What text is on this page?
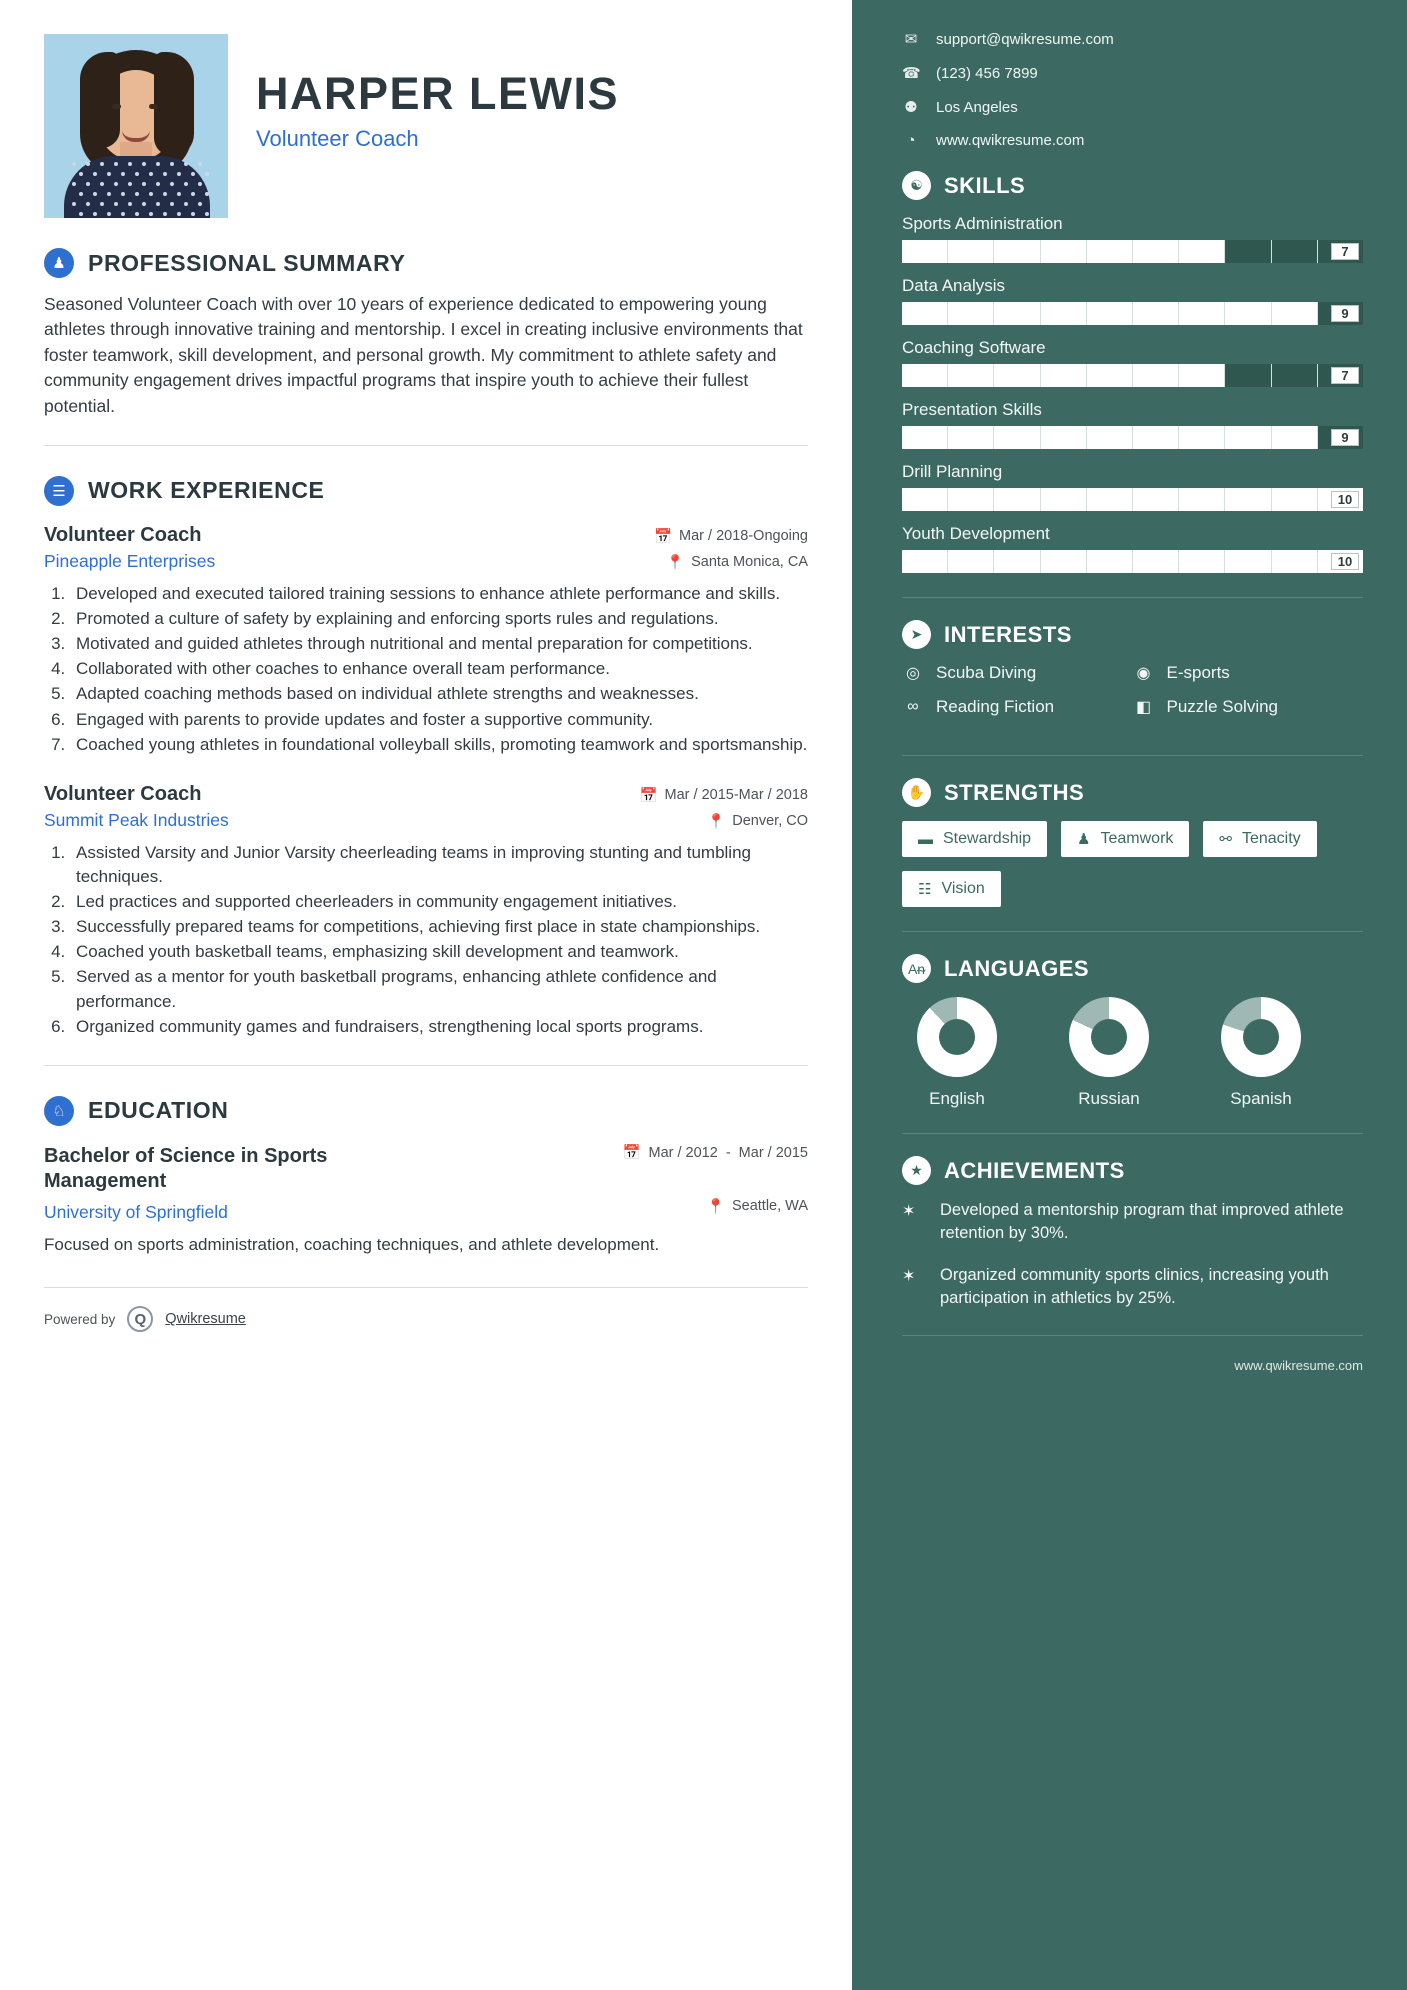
HARPER LEWIS
Volunteer Coach
♟ PROFESSIONAL SUMMARY
Seasoned Volunteer Coach with over 10 years of experience dedicated to empowering young athletes through innovative training and mentorship. I excel in creating inclusive environments that foster teamwork, skill development, and personal growth. My commitment to athlete safety and community engagement drives impactful programs that inspire youth to achieve their fullest potential.
☰ WORK EXPERIENCE
Volunteer Coach	📅 Mar / 2018-Ongoing
Pineapple Enterprises	📍 Santa Monica, CA
1. Developed and executed tailored training sessions to enhance athlete performance and skills.
2. Promoted a culture of safety by explaining and enforcing sports rules and regulations.
3. Motivated and guided athletes through nutritional and mental preparation for competitions.
4. Collaborated with other coaches to enhance overall team performance.
5. Adapted coaching methods based on individual athlete strengths and weaknesses.
6. Engaged with parents to provide updates and foster a supportive community.
7. Coached young athletes in foundational volleyball skills, promoting teamwork and sportsmanship.
Volunteer Coach	📅 Mar / 2015-Mar / 2018
Summit Peak Industries	📍 Denver, CO
1. Assisted Varsity and Junior Varsity cheerleading teams in improving stunting and tumbling techniques.
2. Led practices and supported cheerleaders in community engagement initiatives.
3. Successfully prepared teams for competitions, achieving first place in state championships.
4. Coached youth basketball teams, emphasizing skill development and teamwork.
5. Served as a mentor for youth basketball programs, enhancing athlete confidence and performance.
6. Organized community games and fundraisers, strengthening local sports programs.
♘ EDUCATION
Bachelor of Science in Sports Management
📅 Mar / 2012 - Mar / 2015
University of Springfield	📍 Seattle, WA
Focused on sports administration, coaching techniques, and athlete development.
Powered by	Q	Qwikresume
✉ support@qwikresume.com
☎ (123) 456 7899
⚉ Los Angeles
◔ www.qwikresume.com
☯ SKILLS
Sports Administration
7
Data Analysis
9
Coaching Software
7
Presentation Skills
9
Drill Planning
10
Youth Development
10
➤ INTERESTS
◎ Scuba Diving	◉ E-sports
∞	Reading Fiction	◧ Puzzle Solving
✋ STRENGTHS
▬ Stewardship	♟ Teamwork	⚯ Tenacity
☷ Vision
Aᵰ LANGUAGES
English	Russian	Spanish
★ ACHIEVEMENTS
✶	Developed a mentorship program that improved athlete retention by 30%.
✶	Organized community sports clinics, increasing youth participation in athletics by 25%.
www.qwikresume.com
